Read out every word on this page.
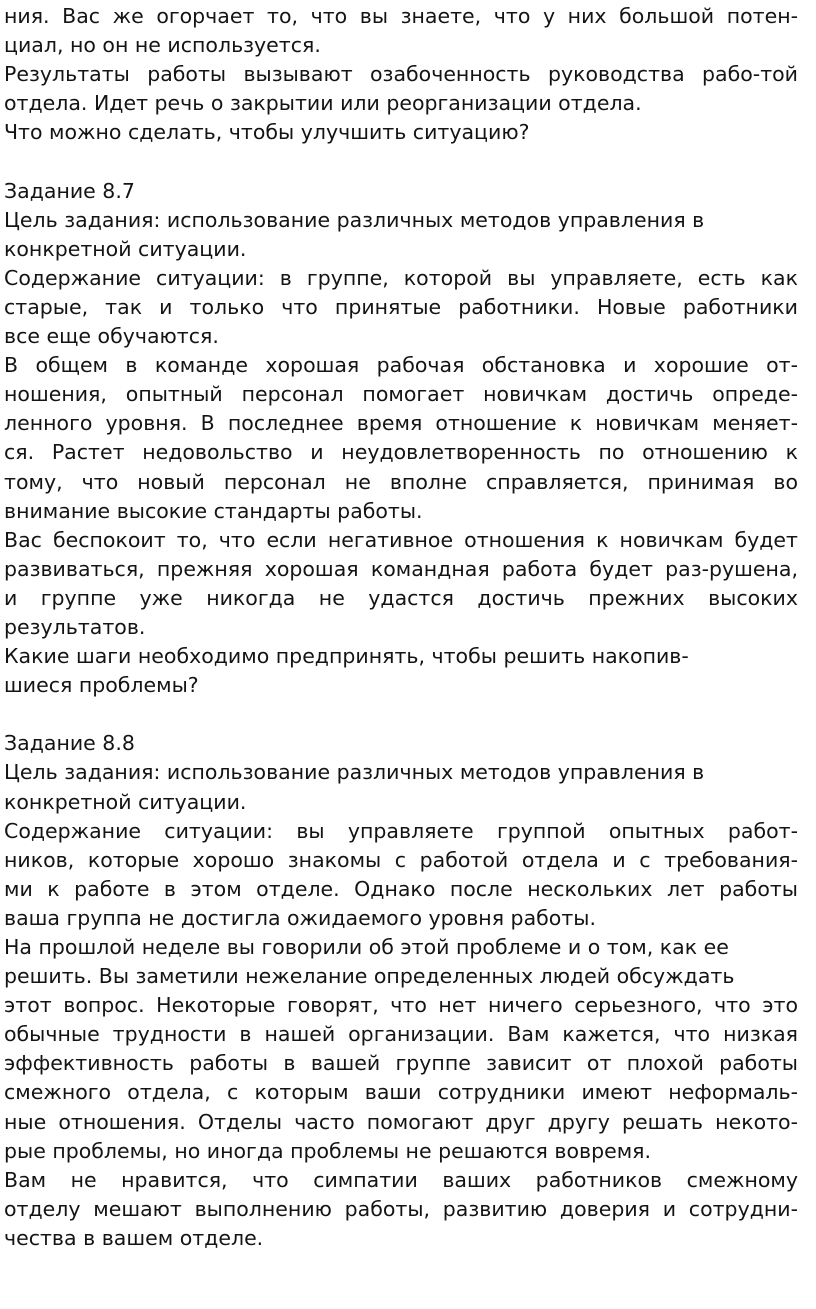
ния. Вас же огорчает то, что вы знаете, что у них большой потен-
циал, но он не используется.
Результаты работы вызывают озабоченность руководства рабо-той
отдела. Идет речь о закрытии или реорганизации отдела.
Что можно сделать, чтобы улучшить ситуацию?
Задание 8.7
Цель задания: использование различных методов управления в
конкретной ситуации.
Содержание ситуации: в группе, которой вы управляете, есть как
старые, так и только что принятые работники. Новые работники
все еще обучаются.
В общем в команде хорошая рабочая обстановка и хорошие от-
ношения, опытный персонал помогает новичкам достичь опреде-
ленного уровня. В последнее время отношение к новичкам меняет-
ся. Растет недовольство и неудовлетворенность по отношению к
тому, что новый персонал не вполне справляется, принимая во
внимание высокие стандарты работы.
Вас беспокоит то, что если негативное отношения к новичкам будет
развиваться, прежняя хорошая командная работа будет раз-рушена,
и группе уже никогда не удастся достичь прежних высоких
результатов.
Какие шаги необходимо предпринять, чтобы решить накопив-
шиеся проблемы?
Задание 8.8
Цель задания: использование различных методов управления в
конкретной ситуации.
Содержание ситуации: вы управляете группой опытных работ-
ников, которые хорошо знакомы с работой отдела и с требования-
ми к работе в этом отделе. Однако после нескольких лет работы
ваша группа не достигла ожидаемого уровня работы.
На прошлой неделе вы говорили об этой проблеме и о том, как ее
решить. Вы заметили нежелание определенных людей обсуждать
этот вопрос. Некоторые говорят, что нет ничего серьезного, что это
обычные трудности в нашей организации. Вам кажется, что низкая
эффективность работы в вашей группе зависит от плохой работы
смежного отдела, с которым ваши сотрудники имеют неформаль-
ные отношения. Отделы часто помогают друг другу решать некото-
рые проблемы, но иногда проблемы не решаются вовремя.
Вам не нравится, что симпатии ваших работников смежному
отделу мешают выполнению работы, развитию доверия и сотрудни-
чества в вашем отделе.
